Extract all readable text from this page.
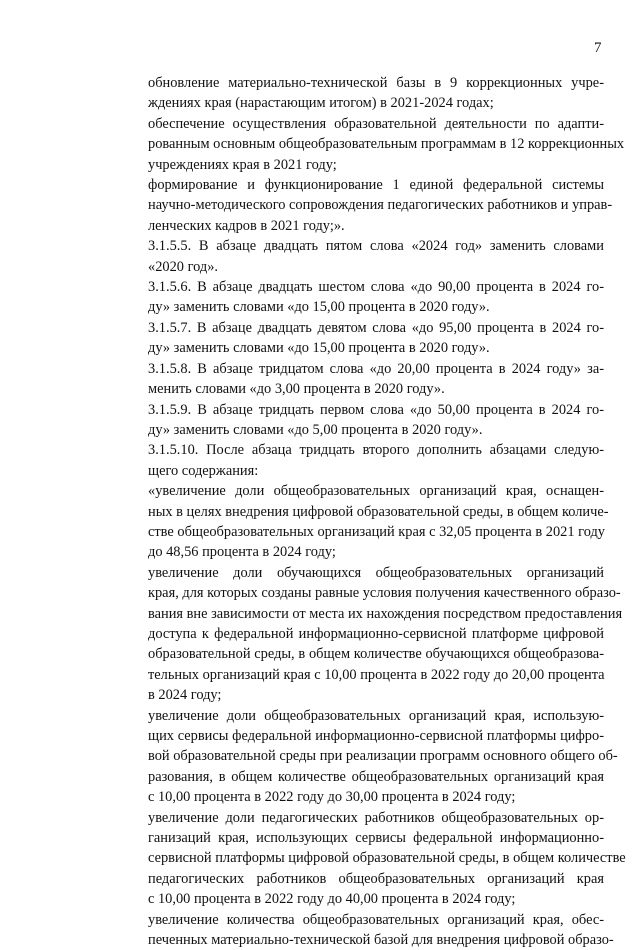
7

обновление материально-технической базы в 9 коррекционных учре-
ждениях края (нарастающим итогом) в 2021-2024 годах;

обеспечение осуществления образовательной деятельности по адапти-
рованным основным общеобразовательным программам в 12 коррекционных
учреждениях края в 2021 году;

формирование и функционирование 1 единой федеральной системы
научно-методического сопровождения педагогических работников и управ-
ленческих кадров в 2021 году;».

3.1.5.5. В абзаце двадцать пятом слова «2024 год» заменить словами
«2020 год».

3.1.5.6. В абзаце двадцать шестом слова «до 90,00 процента в 2024 го-
ду» заменить словами «до 15,00 процента в 2020 году».

3.1.5.7. В абзаце двадцать девятом слова «до 95,00 процента в 2024 го-
ду» заменить словами «до 15,00 процента в 2020 году».

3.1.5.8. В абзаце тридцатом слова «до 20,00 процента в 2024 году» за-
менить словами «до 3,00 процента в 2020 году».

3.1.5.9. В абзаце тридцать первом слова «до 50,00 процента в 2024 го-
ду» заменить словами «до 5,00 процента в 2020 году».

3.1.5.10. После абзаца тридцать второго дополнить абзацами следую-
щего содержания:

«увеличение доли общеобразовательных организаций края, оснащен-
ных в целях внедрения цифровой образовательной среды, в общем количе-
стве общеобразовательных организаций края с 32,05 процента в 2021 году
до 48,56 процента в 2024 году;

увеличение доли обучающихся общеобразовательных организаций
края, для которых созданы равные условия получения качественного образо-
вания вне зависимости от места их нахождения посредством предоставления
доступа к федеральной информационно-сервисной платформе цифровой
образовательной среды, в общем количестве обучающихся общеобразова-
тельных организаций края с 10,00 процента в 2022 году до 20,00 процента
в 2024 году;

увеличение доли общеобразовательных организаций края, использую-
щих сервисы федеральной информационно-сервисной платформы цифро-
вой образовательной среды при реализации программ основного общего об-
разования, в общем количестве общеобразовательных организаций края
с 10,00 процента в 2022 году до 30,00 процента в 2024 году;

увеличение доли педагогических работников общеобразовательных ор-
ганизаций края, использующих сервисы федеральной информационно-
сервисной платформы цифровой образовательной среды, в общем количестве
педагогических работников общеобразовательных организаций края
с 10,00 процента в 2022 году до 40,00 процента в 2024 году;

увеличение количества общеобразовательных организаций края, обес-
печенных материально-технической базой для внедрения цифровой образо-
